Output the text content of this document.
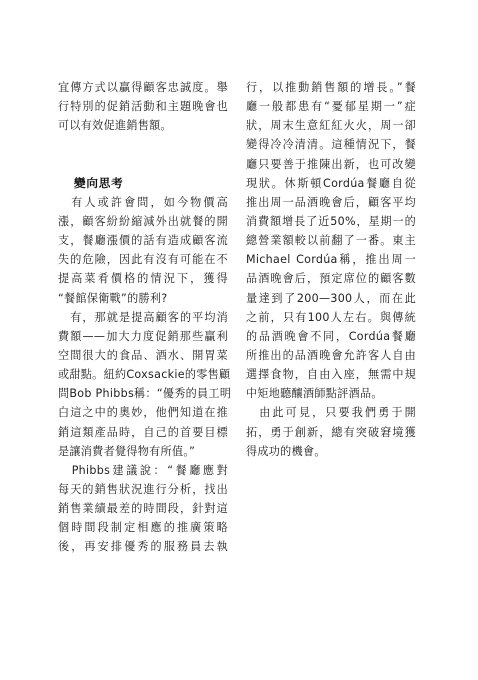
宜傳方式以贏得顧客忠誠度。舉
行特別的促銷活動和主題晚會也
可以有效促進銷售額。
變向思考
　有人或許會問，如今物價高
漲，顧客紛紛縮減外出就餐的開
支，餐廳漲價的話有造成顧客流
失的危險，因此有沒有可能在不
提高菜肴價格的情況下，獲得
“餐館保衛戰”的勝利?
　有，那就是提高顧客的平均消
費額——加大力度促銷那些贏利
空間很大的食品、酒水、開胃菜
或甜點。紐約Coxsackie的零售顧
問Bob Phibbs稱：“優秀的員工明
白這之中的奧妙，他們知道在推
銷這類產品時，自己的首要目標
是讓消費者覺得物有所值。”
　Phibbs建議說：“餐廳應對
每天的銷售狀況進行分析，找出
銷售業績最差的時間段，針對這
個時間段制定相應的推廣策略
後，再安排優秀的服務員去執
行，以推動銷售額的增長。”餐
廳一般都患有“憂郁星期一”症
狀，周末生意紅紅火火，周一卻
變得冷冷清清。這種情況下，餐
廳只要善于推陳出新，也可改變
現狀。休斯頓Cordúa餐廳自從
推出周一品酒晚會后，顧客平均
消費額增長了近50%，星期一的
總營業額較以前翻了一番。東主
Michael Cordúa稱，推出周一
品酒晚會后，預定席位的顧客數
量達到了200—300人，而在此
之前，只有100人左右。與傳統
的品酒晚會不同，Cordúa餐廳
所推出的品酒晚會允許客人自由
選擇食物，自由入座，無需中規
中矩地聽釀酒師點評酒品。
　由此可見，只要我們勇于開
拓，勇于創新，總有突破窘境獲
得成功的機會。
